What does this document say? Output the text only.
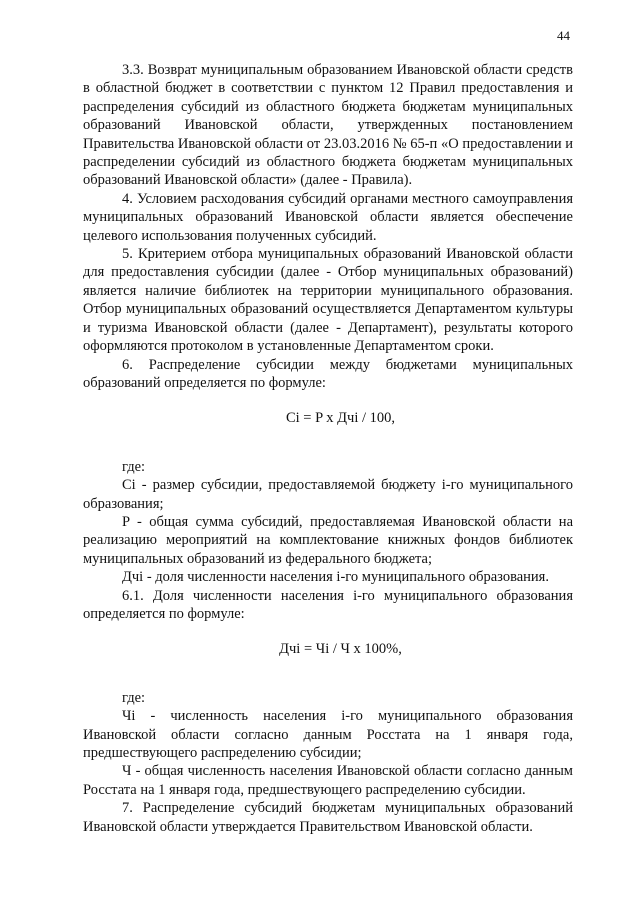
44

3.3. Возврат муниципальным образованием Ивановской области средств в областной бюджет в соответствии с пунктом 12 Правил предоставления и распределения субсидий из областного бюджета бюджетам муниципальных образований Ивановской области, утвержденных постановлением Правительства Ивановской области от 23.03.2016 № 65-п «О предоставлении и распределении субсидий из областного бюджета бюджетам муниципальных образований Ивановской области» (далее - Правила).

4. Условием расходования субсидий органами местного самоуправления муниципальных образований Ивановской области является обеспечение целевого использования полученных субсидий.

5. Критерием отбора муниципальных образований Ивановской области для предоставления субсидии (далее - Отбор муниципальных образований) является наличие библиотек на территории муниципального образования. Отбор муниципальных образований осуществляется Департаментом культуры и туризма Ивановской области (далее - Департамент), результаты которого оформляются протоколом в установленные Департаментом сроки.

6. Распределение субсидии между бюджетами муниципальных образований определяется по формуле:

Ci = P x Дчi / 100,

где:

Ci - размер субсидии, предоставляемой бюджету i-го муниципального образования;

P - общая сумма субсидий, предоставляемая Ивановской области на реализацию мероприятий на комплектование книжных фондов библиотек муниципальных образований из федерального бюджета;

Дчi - доля численности населения i-го муниципального образования.

6.1. Доля численности населения i-го муниципального образования определяется по формуле:

Дчi = Чi / Ч x 100%,

где:

Чi - численность населения i-го муниципального образования Ивановской области согласно данным Росстата на 1 января года, предшествующего распределению субсидии;

Ч - общая численность населения Ивановской области согласно данным Росстата на 1 января года, предшествующего распределению субсидии.

7. Распределение субсидий бюджетам муниципальных образований Ивановской области утверждается Правительством Ивановской области.
